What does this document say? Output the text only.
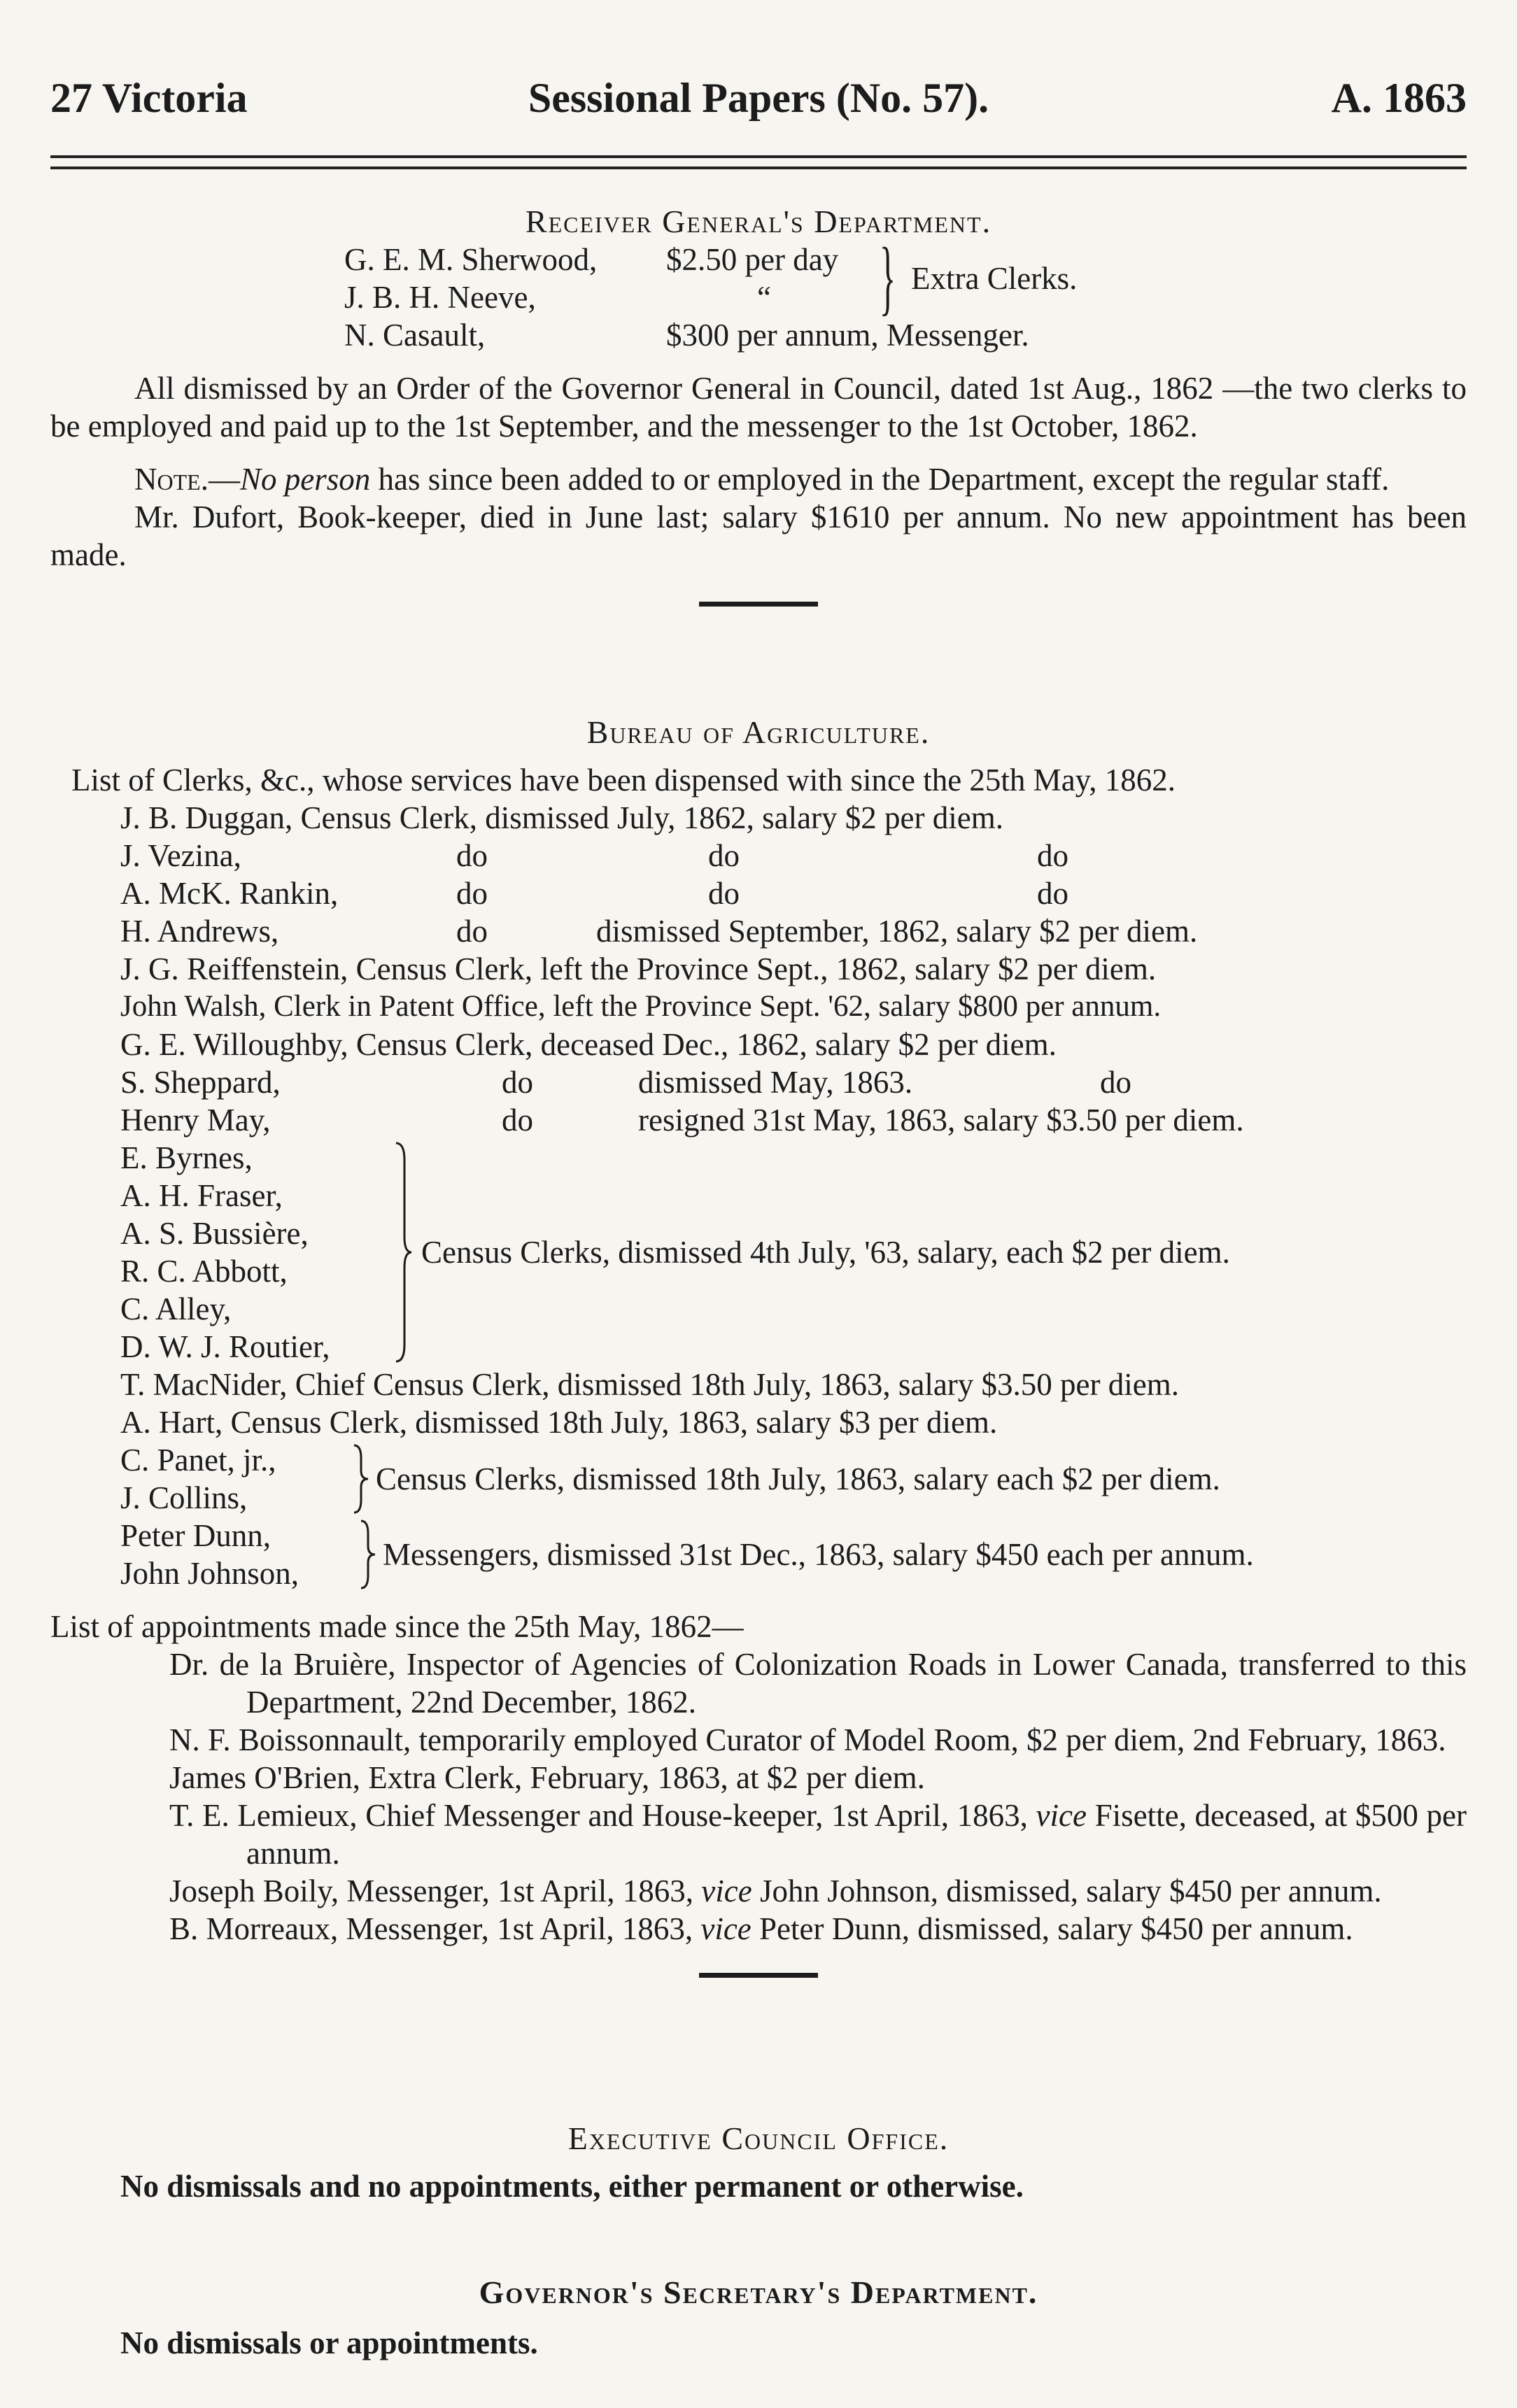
27 Victoria	Sessional Papers (No. 57).	A. 1863
Receiver General's Department.
G. E. M. Sherwood, $2.50 per day
J. B. H. Neeve,	“
N. Casault,	$300 per annum, Messenger.
} Extra Clerks.
All dismissed by an Order of the Governor General in Council, dated 1st Aug., 1862 —the two clerks to be employed and paid up to the 1st September, and the messenger to the 1st October, 1862.
Note.—No person has since been added to or employed in the Department, except the regular staff.
Mr. Dufort, Book-keeper, died in June last; salary $1610 per annum. No new appointment has been made.
Bureau of Agriculture.
List of Clerks, &c., whose services have been dispensed with since the 25th May, 1862.
J. B. Duggan, Census Clerk, dismissed July, 1862, salary $2 per diem.
J. Vezina,	do	do	do
A. McK. Rankin,	do	do	do
H. Andrews,	do	dismissed September, 1862, salary $2 per diem.
J. G. Reiffenstein, Census Clerk, left the Province Sept., 1862, salary $2 per diem.
John Walsh, Clerk in Patent Office, left the Province Sept. '62, salary $800 per annum.
G. E. Willoughby, Census Clerk, deceased Dec., 1862, salary $2 per diem.
S. Sheppard,	do	dismissed May, 1863.	do
Henry May,	do	resigned 31st May, 1863, salary $3.50 per diem.
E. Byrnes,
A. H. Fraser,
A. S. Bussière,
R. C. Abbott,
C. Alley,
D. W. J. Routier,
Census Clerks, dismissed 4th July, '63, salary, each $2 per diem.
T. MacNider, Chief Census Clerk, dismissed 18th July, 1863, salary $3.50 per diem.
A. Hart, Census Clerk, dismissed 18th July, 1863, salary $3 per diem.
C. Panet, jr.,
J. Collins,
Census Clerks, dismissed 18th July, 1863, salary each $2 per diem.
Peter Dunn,
John Johnson,
Messengers, dismissed 31st Dec., 1863, salary $450 each per annum.
List of appointments made since the 25th May, 1862—
Dr. de la Bruière, Inspector of Agencies of Colonization Roads in Lower Canada, transferred to this Department, 22nd December, 1862.
N. F. Boissonnault, temporarily employed Curator of Model Room, $2 per diem, 2nd February, 1863.
James O'Brien, Extra Clerk, February, 1863, at $2 per diem.
T. E. Lemieux, Chief Messenger and House-keeper, 1st April, 1863, vice Fisette, deceased, at $500 per annum.
Joseph Boily, Messenger, 1st April, 1863, vice John Johnson, dismissed, salary $450 per annum.
B. Morreaux, Messenger, 1st April, 1863, vice Peter Dunn, dismissed, salary $450 per annum.
Executive Council Office.
No dismissals and no appointments, either permanent or otherwise.
Governor's Secretary's Department.
No dismissals or appointments.
